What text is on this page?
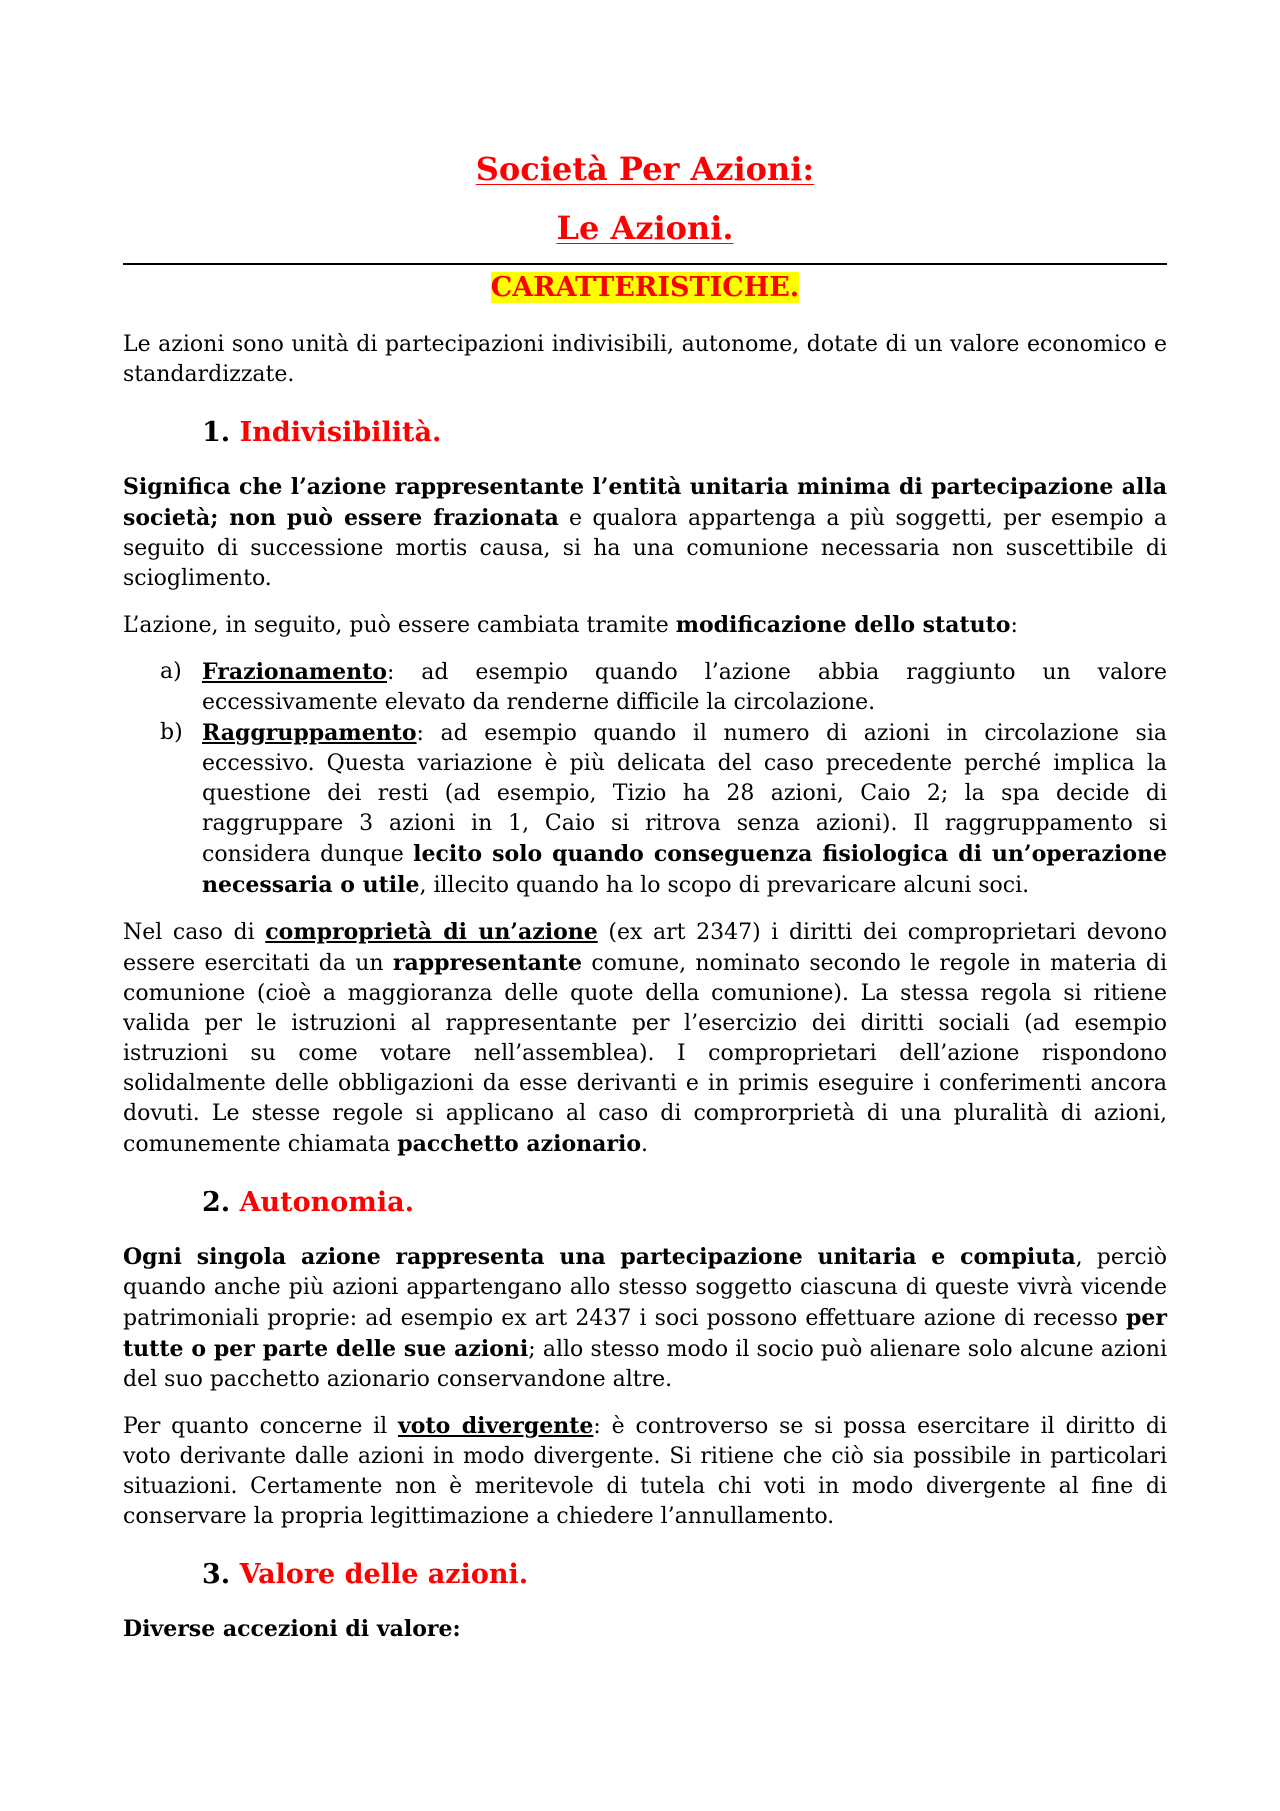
Società Per Azioni:
Le Azioni.
CARATTERISTICHE.

Le azioni sono unità di partecipazioni indivisibili, autonome, dotate di un valore economico e standardizzate.

1. Indivisibilità.

Significa che l’azione rappresentante l’entità unitaria minima di partecipazione alla società; non può essere frazionata e qualora appartenga a più soggetti, per esempio a seguito di successione mortis causa, si ha una comunione necessaria non suscettibile di scioglimento.

L’azione, in seguito, può essere cambiata tramite modificazione dello statuto:

a) Frazionamento: ad esempio quando l’azione abbia raggiunto un valore eccessivamente elevato da renderne difficile la circolazione.
b) Raggruppamento: ad esempio quando il numero di azioni in circolazione sia eccessivo. Questa variazione è più delicata del caso precedente perché implica la questione dei resti (ad esempio, Tizio ha 28 azioni, Caio 2; la spa decide di raggruppare 3 azioni in 1, Caio si ritrova senza azioni). Il raggruppamento si considera dunque lecito solo quando conseguenza fisiologica di un’operazione necessaria o utile, illecito quando ha lo scopo di prevaricare alcuni soci.

Nel caso di comproprietà di un’azione (ex art 2347) i diritti dei comproprietari devono essere esercitati da un rappresentante comune, nominato secondo le regole in materia di comunione (cioè a maggioranza delle quote della comunione). La stessa regola si ritiene valida per le istruzioni al rappresentante per l’esercizio dei diritti sociali (ad esempio istruzioni su come votare nell’assemblea). I comproprietari dell’azione rispondono solidalmente delle obbligazioni da esse derivanti e in primis eseguire i conferimenti ancora dovuti. Le stesse regole si applicano al caso di comprorprietà di una pluralità di azioni, comunemente chiamata pacchetto azionario.

2. Autonomia.

Ogni singola azione rappresenta una partecipazione unitaria e compiuta, perciò quando anche più azioni appartengano allo stesso soggetto ciascuna di queste vivrà vicende patrimoniali proprie: ad esempio ex art 2437 i soci possono effettuare azione di recesso per tutte o per parte delle sue azioni; allo stesso modo il socio può alienare solo alcune azioni del suo pacchetto azionario conservandone altre.

Per quanto concerne il voto divergente: è controverso se si possa esercitare il diritto di voto derivante dalle azioni in modo divergente. Si ritiene che ciò sia possibile in particolari situazioni. Certamente non è meritevole di tutela chi voti in modo divergente al fine di conservare la propria legittimazione a chiedere l’annullamento.

3. Valore delle azioni.

Diverse accezioni di valore:
